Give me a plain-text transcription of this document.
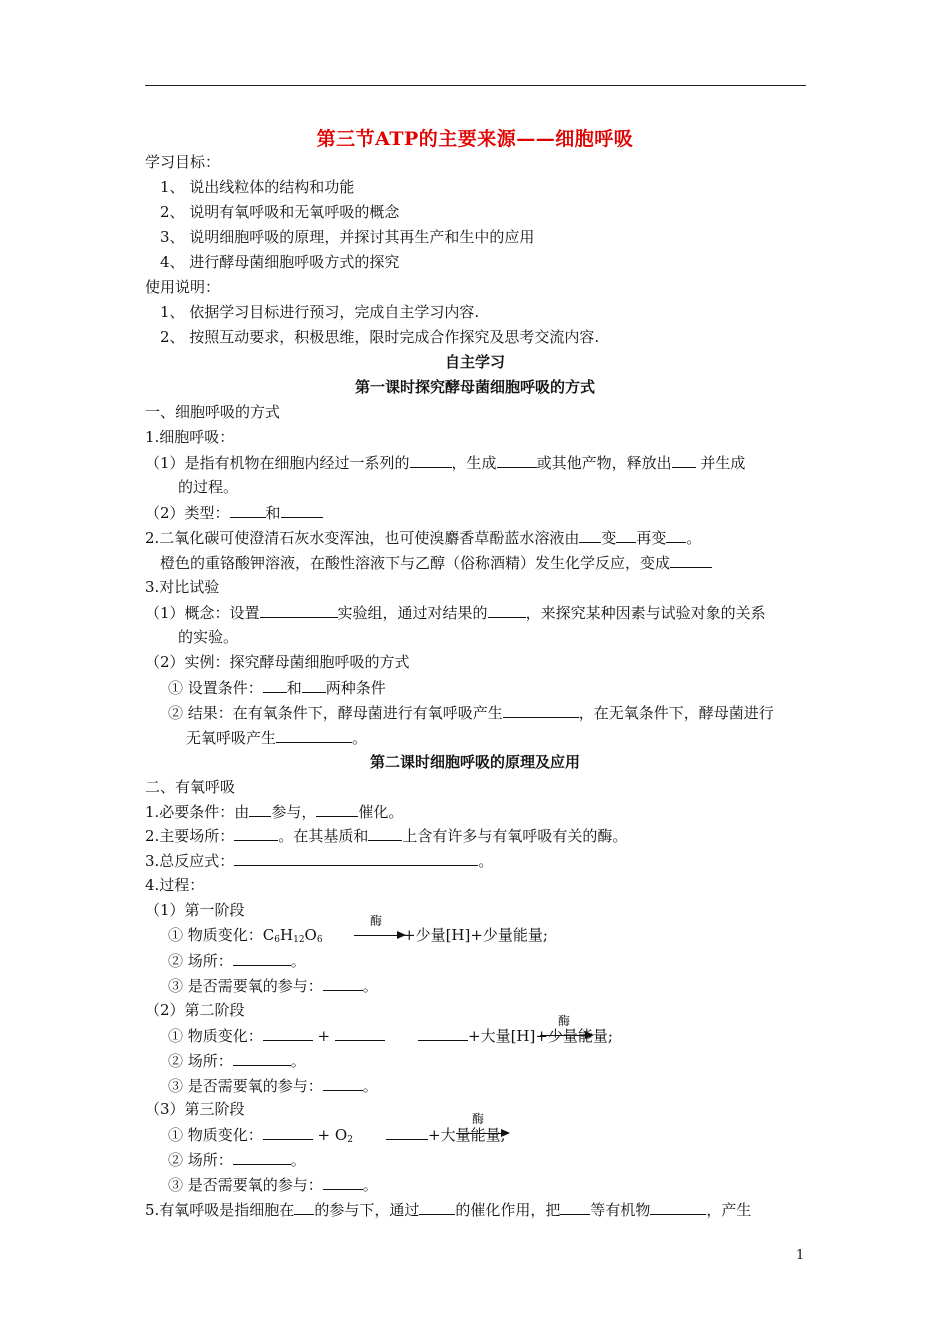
第三节ATP的主要来源——细胞呼吸
学习目标：
1、 说出线粒体的结构和功能
2、 说明有氧呼吸和无氧呼吸的概念
3、 说明细胞呼吸的原理，并探讨其再生产和生中的应用
4、 进行酵母菌细胞呼吸方式的探究
使用说明：
1、 依据学习目标进行预习，完成自主学习内容.
2、 按照互动要求，积极思维，限时完成合作探究及思考交流内容.
自主学习
第一课时探究酵母菌细胞呼吸的方式
一、细胞呼吸的方式
1.细胞呼吸：
（1）是指有机物在细胞内经过一系列的	，生成	或其他产物，释放出 并生成
的过程。
（2）类型： 和
2.二氧化碳可使澄清石灰水变浑浊，也可使溴麝香草酚蓝水溶液由 变 再变 。
橙色的重铬酸钾溶液，在酸性溶液下与乙醇（俗称酒精）发生化学反应，变成
3.对比试验
（1）概念：设置	实验组，通过对结果的	，来探究某种因素与试验对象的关系
的实验。
（2）实例：探究酵母菌细胞呼吸的方式
① 设置条件： 和 两种条件
② 结果：在有氧条件下，酵母菌进行有氧呼吸产生	，在无氧条件下，酵母菌进行
无氧呼吸产生	。
第二课时细胞呼吸的原理及应用
二、有氧呼吸
1.必要条件：由 参与，	催化。
2.主要场所：	。在其基质和 上含有许多与有氧呼吸有关的酶。
3.总反应式：	。
4.过程：
（1）第一阶段
① 物质变化：$C_6H_{12}O_6$
酶
→ +少量[H]+少量能量;
② 场所：	。
③ 是否需要氧的参与：	。
（2）第二阶段
① 物质变化：	+	+大量[H]+少量能量;
酶
② 场所：	。
③ 是否需要氧的参与：	。
（3）第三阶段
① 物质变化：	+ $O_2$	+大量能量;
酶
② 场所：	。
③ 是否需要氧的参与：	。
5.有氧呼吸是指细胞在 的参与下，通过 的催化作用，把 等有机物	，产生
1
